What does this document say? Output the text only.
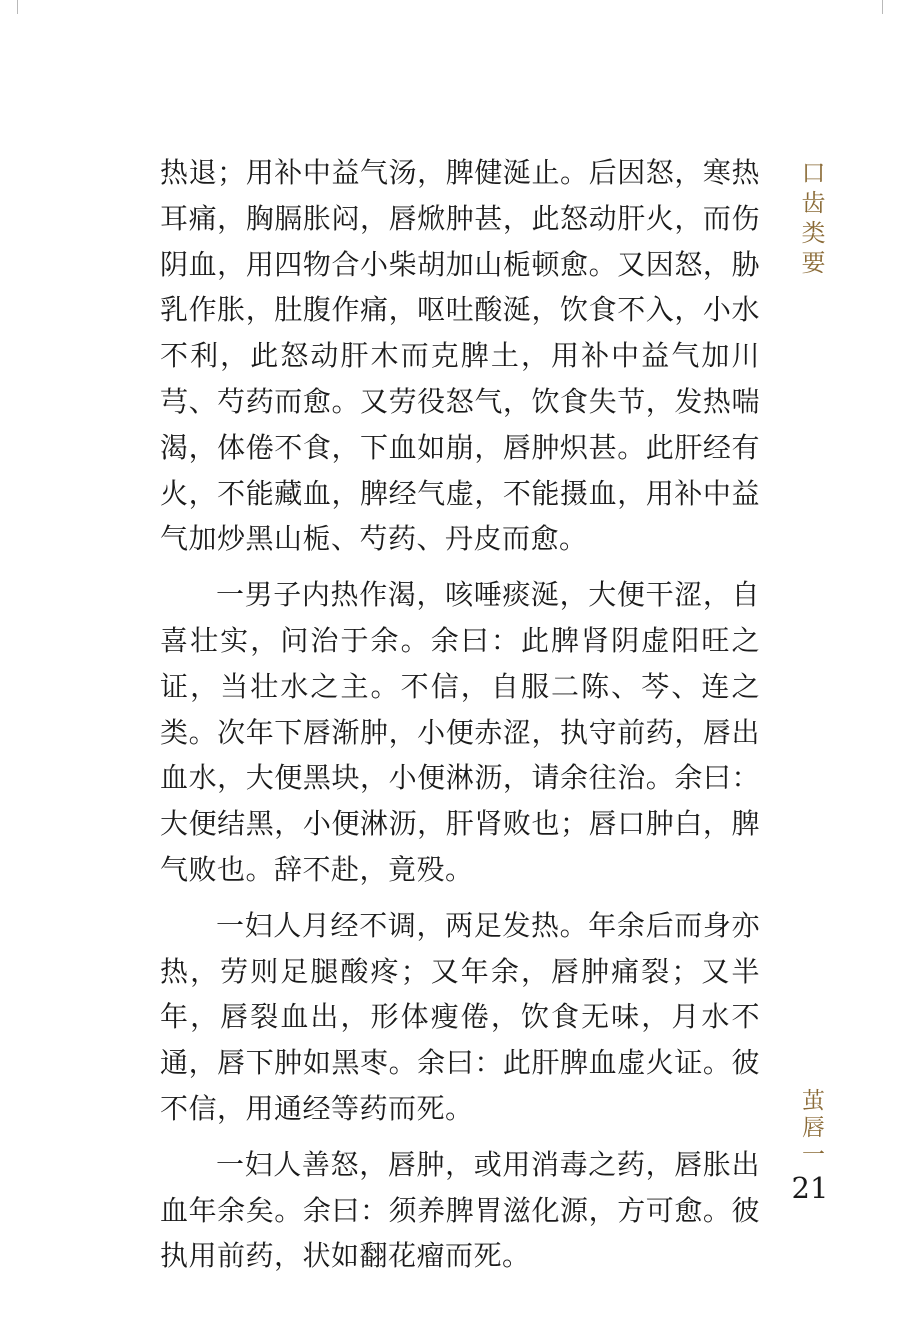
热退；用补中益气汤，脾健涎止。后因怒，寒热耳痛，胸膈胀闷，唇焮肿甚，此怒动肝火，而伤阴血，用四物合小柴胡加山栀顿愈。又因怒，胁乳作胀，肚腹作痛，呕吐酸涎，饮食不入，小水不利，此怒动肝木而克脾土，用补中益气加川芎、芍药而愈。又劳役怒气，饮食失节，发热喘渴，体倦不食，下血如崩，唇肿炽甚。此肝经有火，不能藏血，脾经气虚，不能摄血，用补中益气加炒黑山栀、芍药、丹皮而愈。

一男子内热作渴，咳唾痰涎，大便干涩，自喜壮实，问治于余。余曰：此脾肾阴虚阳旺之证，当壮水之主。不信，自服二陈、芩、连之类。次年下唇渐肿，小便赤涩，执守前药，唇出血水，大便黑块，小便淋沥，请余往治。余曰：大便结黑，小便淋沥，肝肾败也；唇口肿白，脾气败也。辞不赴，竟殁。

一妇人月经不调，两足发热。年余后而身亦热，劳则足腿酸疼；又年余，唇肿痛裂；又半年，唇裂血出，形体瘦倦，饮食无味，月水不通，唇下肿如黑枣。余曰：此肝脾血虚火证。彼不信，用通经等药而死。

一妇人善怒，唇肿，或用消毒之药，唇胀出血年余矣。余曰：须养脾胃滋化源，方可愈。彼执用前药，状如翻花瘤而死。

口齿类要
茧唇一
21
